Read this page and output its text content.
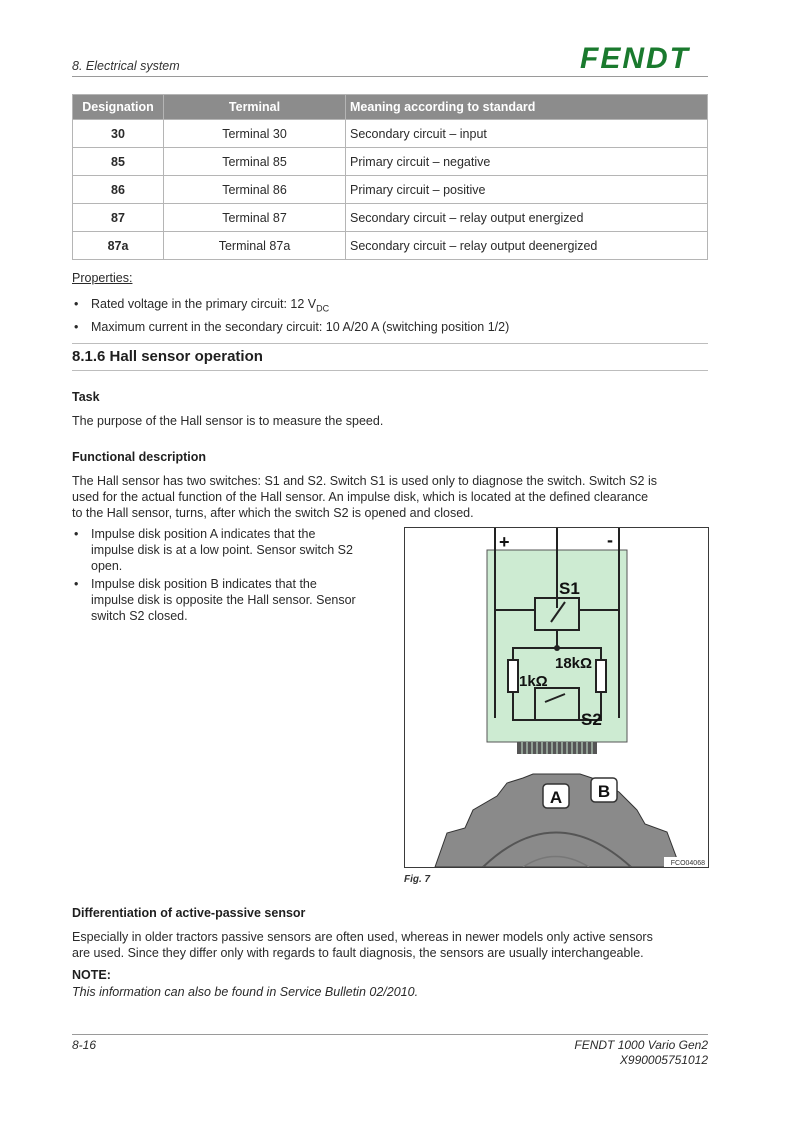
8. Electrical system	FENDT
Designation	Terminal	Meaning according to standard
30	Terminal 30	Secondary circuit – input
85	Terminal 85	Primary circuit – negative
86	Terminal 86	Primary circuit – positive
87	Terminal 87	Secondary circuit – relay output energized
87a	Terminal 87a	Secondary circuit – relay output deenergized
Properties:
• Rated voltage in the primary circuit: 12 $V_{DC}$
• Maximum current in the secondary circuit: 10 A/20 A (switching position 1/2)
8.1.6 Hall sensor operation
Task
The purpose of the Hall sensor is to measure the speed.
Functional description
The Hall sensor has two switches: S1 and S2. Switch S1 is used only to diagnose the switch. Switch S2 is
used for the actual function of the Hall sensor. An impulse disk, which is located at the defined clearance
to the Hall sensor, turns, after which the switch S2 is opened and closed.
• Impulse disk position A indicates that the
impulse disk is at a low point. Sensor switch S2
open.
• Impulse disk position B indicates that the
impulse disk is opposite the Hall sensor. Sensor
switch S2 closed.
+	-
S1
18kΩ
1kΩ
S2
A B
FCO04068
Fig. 7
Differentiation of active-passive sensor
Especially in older tractors passive sensors are often used, whereas in newer models only active sensors
are used. Since they differ only with regards to fault diagnosis, the sensors are usually interchangeable.
NOTE:
This information can also be found in Service Bulletin 02/2010.
8-16	FENDT 1000 Vario Gen2
X990005751012
